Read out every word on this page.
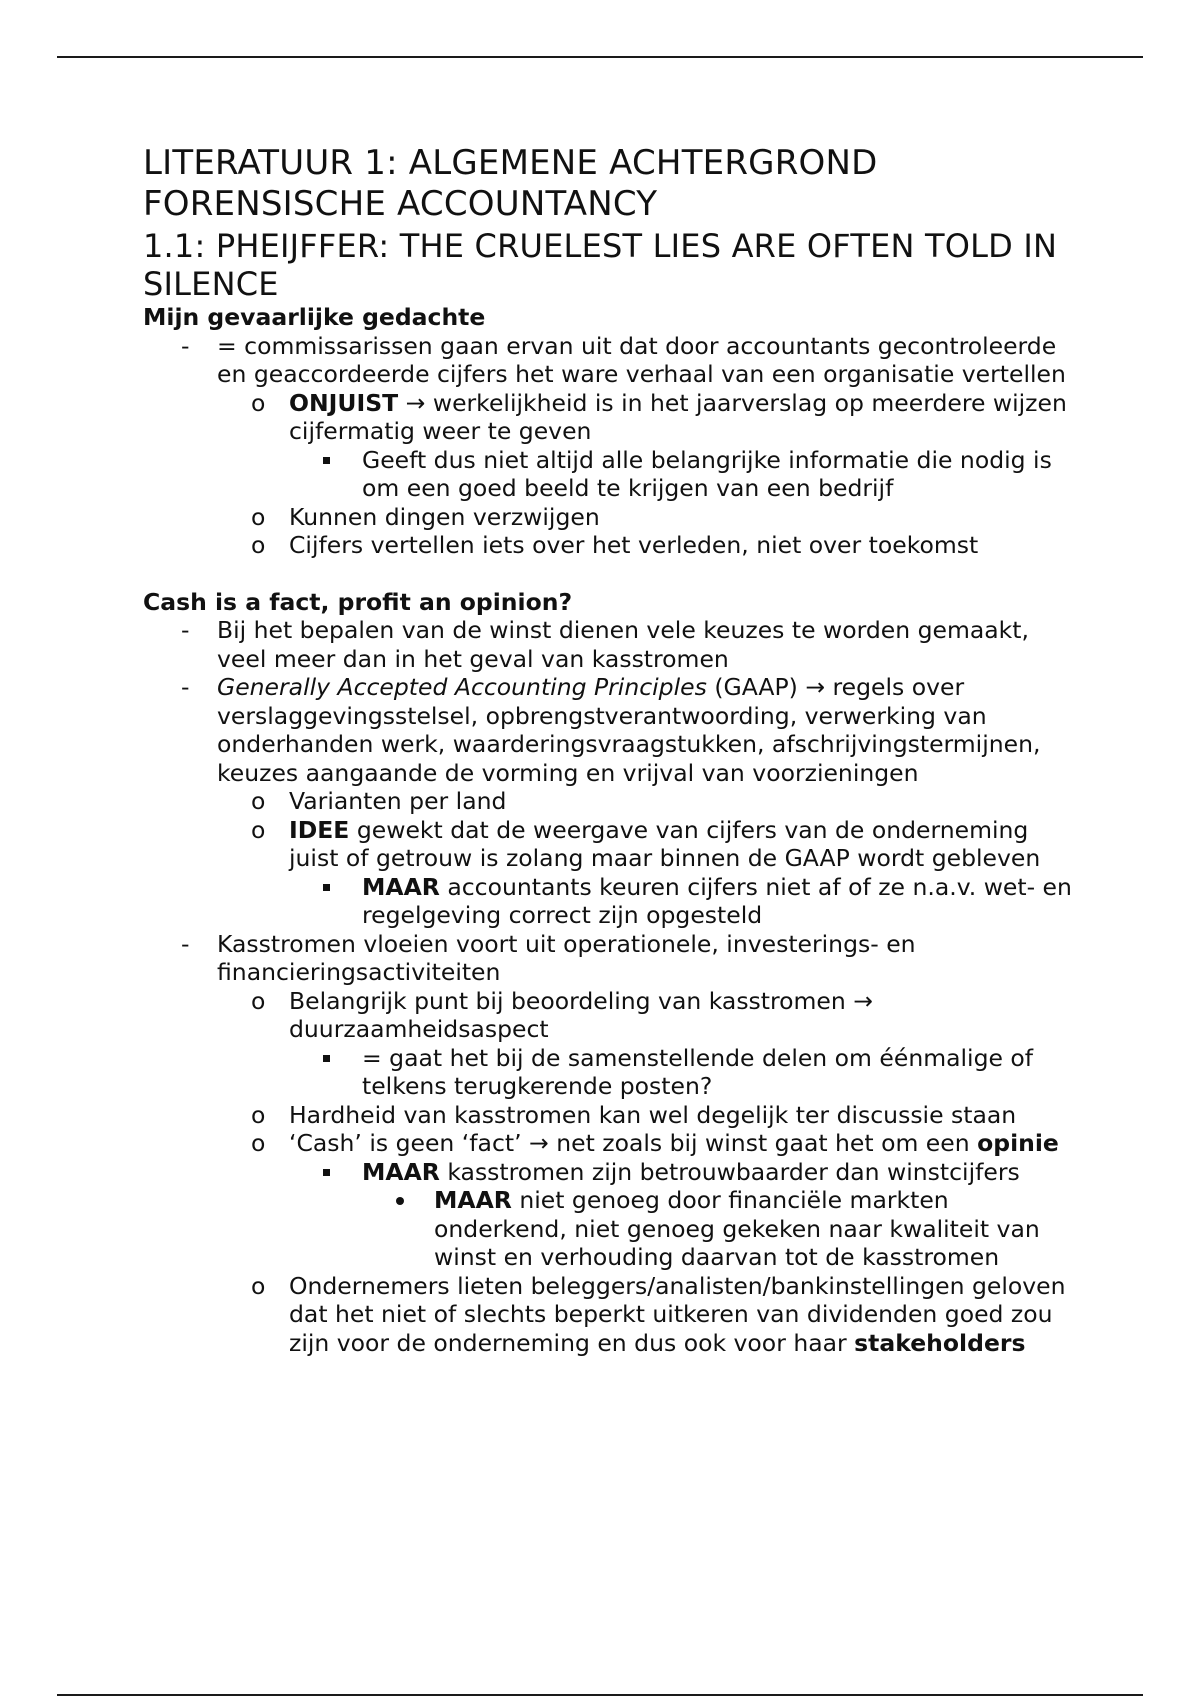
LITERATUUR 1: ALGEMENE ACHTERGROND
FORENSISCHE ACCOUNTANCY
1.1: PHEIJFFER: THE CRUELEST LIES ARE OFTEN TOLD IN SILENCE
Mijn gevaarlijke gedachte
- = commissarissen gaan ervan uit dat door accountants gecontroleerde en geaccordeerde cijfers het ware verhaal van een organisatie vertellen
o ONJUIST → werkelijkheid is in het jaarverslag op meerdere wijzen cijfermatig weer te geven
Geeft dus niet altijd alle belangrijke informatie die nodig is om een goed beeld te krijgen van een bedrijf
o Kunnen dingen verzwijgen
o Cijfers vertellen iets over het verleden, niet over toekomst
Cash is a fact, profit an opinion?
- Bij het bepalen van de winst dienen vele keuzes te worden gemaakt, veel meer dan in het geval van kasstromen
- Generally Accepted Accounting Principles (GAAP) → regels over verslaggevingsstelsel, opbrengstverantwoording, verwerking van onderhanden werk, waarderingsvraagstukken, afschrijvingstermijnen, keuzes aangaande de vorming en vrijval van voorzieningen
o Varianten per land
o IDEE gewekt dat de weergave van cijfers van de onderneming juist of getrouw is zolang maar binnen de GAAP wordt gebleven
MAAR accountants keuren cijfers niet af of ze n.a.v. wet- en regelgeving correct zijn opgesteld
- Kasstromen vloeien voort uit operationele, investerings- en financieringsactiviteiten
o Belangrijk punt bij beoordeling van kasstromen → duurzaamheidsaspect
= gaat het bij de samenstellende delen om éénmalige of telkens terugkerende posten?
o Hardheid van kasstromen kan wel degelijk ter discussie staan
o ‘Cash’ is geen ‘fact’ → net zoals bij winst gaat het om een opinie
MAAR kasstromen zijn betrouwbaarder dan winstcijfers
MAAR niet genoeg door financiële markten onderkend, niet genoeg gekeken naar kwaliteit van winst en verhouding daarvan tot de kasstromen
o Ondernemers lieten beleggers/analisten/bankinstellingen geloven dat het niet of slechts beperkt uitkeren van dividenden goed zou zijn voor de onderneming en dus ook voor haar stakeholders
